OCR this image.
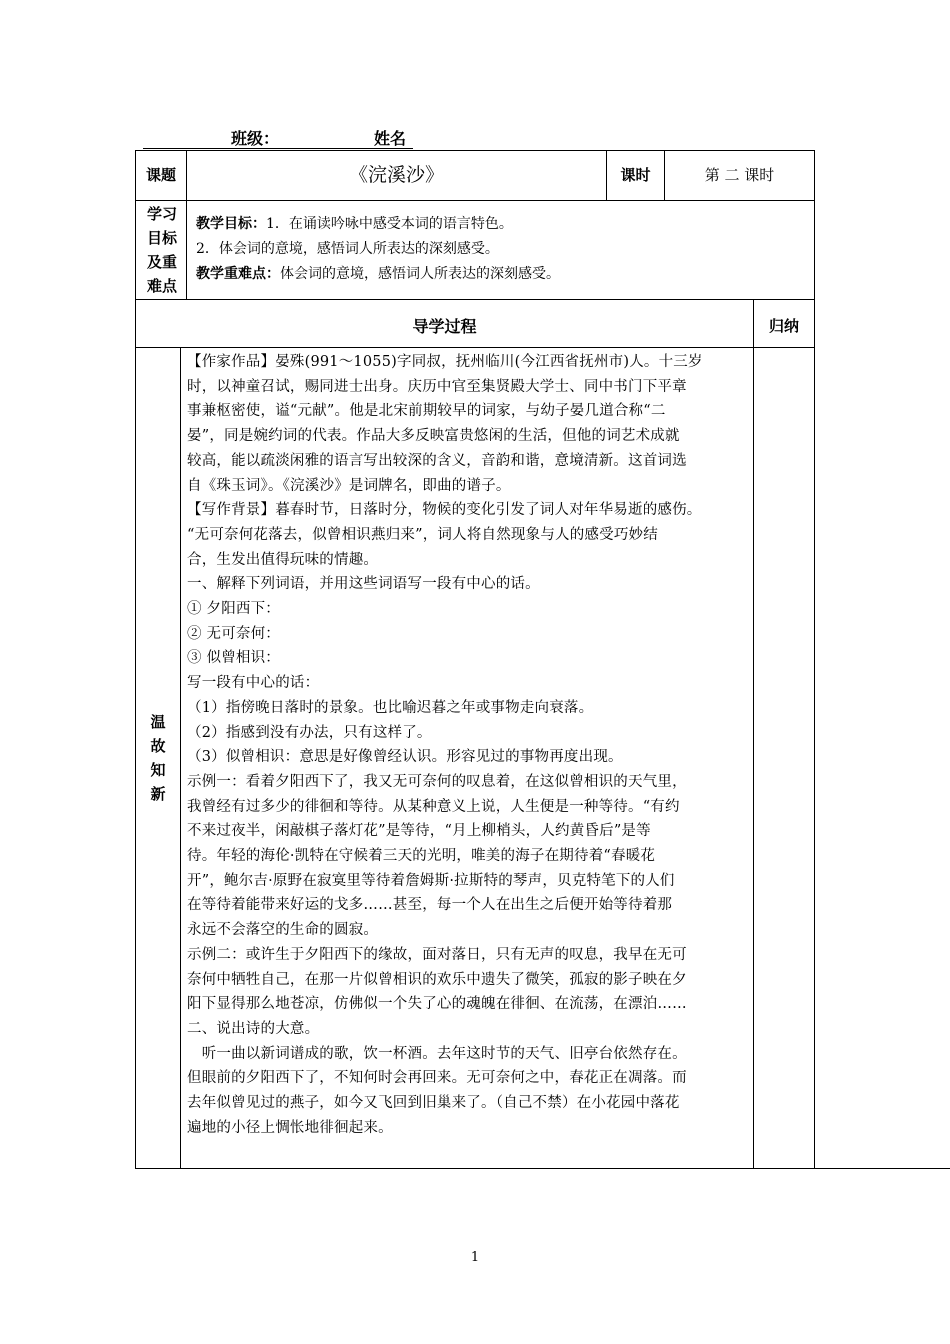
班级：	姓名
课题	《浣溪沙》	课时	第 二 课时
学习目标及重难点
教学目标：1．在诵读吟咏中感受本词的语言特色。
2．体会词的意境，感悟词人所表达的深刻感受。
教学重难点：体会词的意境，感悟词人所表达的深刻感受。
导学过程	归纳
温故知新

【作家作品】晏殊(991～1055)字同叔，抚州临川(今江西省抚州市)人。十三岁

时，以神童召试，赐同进士出身。庆历中官至集贤殿大学士、同中书门下平章

事兼枢密使，谥“元献”。他是北宋前期较早的词家，与幼子晏几道合称“二

晏”，同是婉约词的代表。作品大多反映富贵悠闲的生活，但他的词艺术成就

较高，能以疏淡闲雅的语言写出较深的含义，音韵和谐，意境清新。这首词选

自《珠玉词》。《浣溪沙》是词牌名，即曲的谱子。

【写作背景】暮春时节，日落时分，物候的变化引发了词人对年华易逝的感伤。

“无可奈何花落去，似曾相识燕归来”，词人将自然现象与人的感受巧妙结

合，生发出值得玩味的情趣。

一、解释下列词语，并用这些词语写一段有中心的话。

① 夕阳西下：

② 无可奈何：

③ 似曾相识：

写一段有中心的话：

（1）指傍晚日落时的景象。也比喻迟暮之年或事物走向衰落。

（2）指感到没有办法，只有这样了。

（3）似曾相识：意思是好像曾经认识。形容见过的事物再度出现。

示例一：看着夕阳西下了，我又无可奈何的叹息着，在这似曾相识的天气里，

我曾经有过多少的徘徊和等待。从某种意义上说，人生便是一种等待。“有约

不来过夜半，闲敲棋子落灯花”是等待，“月上柳梢头，人约黄昏后”是等

待。年轻的海伦·凯特在守候着三天的光明，唯美的海子在期待着“春暖花

开”，鲍尔吉·原野在寂寞里等待着詹姆斯·拉斯特的琴声，贝克特笔下的人们

在等待着能带来好运的戈多……甚至，每一个人在出生之后便开始等待着那

永远不会落空的生命的圆寂。

示例二：或许生于夕阳西下的缘故，面对落日，只有无声的叹息，我早在无可

奈何中牺牲自己，在那一片似曾相识的欢乐中遗失了微笑，孤寂的影子映在夕

阳下显得那么地苍凉，仿佛似一个失了心的魂魄在徘徊、在流荡，在漂泊……

二、说出诗的大意。

　听一曲以新词谱成的歌，饮一杯酒。去年这时节的天气、旧亭台依然存在。

但眼前的夕阳西下了，不知何时会再回来。无可奈何之中，春花正在凋落。而

去年似曾见过的燕子，如今又飞回到旧巢来了。（自己不禁）在小花园中落花

遍地的小径上惆怅地徘徊起来。

1
